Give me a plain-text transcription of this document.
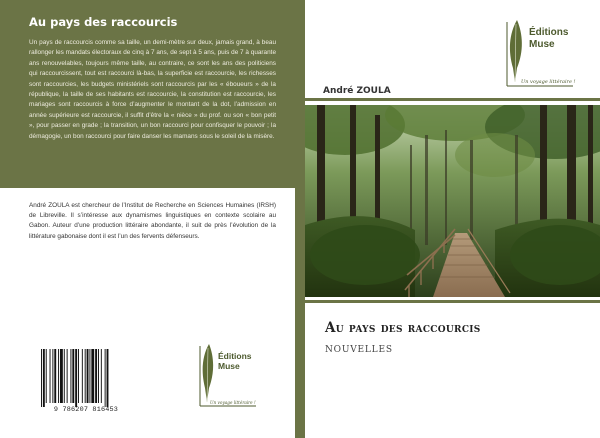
Au pays des raccourcis

Un pays de raccourcis comme sa taille, un demi-mètre sur deux, jamais grand, à beau rallonger les mandats électoraux de cinq à 7 ans, de sept à 5 ans, puis de 7 à quarante ans renouvelables, toujours même taille, au contraire, ce sont les ans des politiciens qui raccourcissent, tout est raccourci là-bas, la superficie est raccourcie, les richesses sont raccourcies, les budgets ministériels sont raccourcis par les « éboueurs » de la république, la taille de ses habitants est raccourcie, la constitution est raccourcie, les mariages sont raccourcis à force d’augmenter le montant de la dot, l’admission en année supérieure est raccourcie, il suffit d’être la « nièce » du prof. ou son « bon petit », pour passer en grade ; la transition, un bon raccourci pour confisquer le pouvoir ; la démagogie, un bon raccourci pour faire danser les mamans sous le soleil de la misère.

André ZOULA est chercheur de l’Institut de Recherche en Sciences Humaines (IRSH) de Libreville. Il s’intéresse aux dynamismes linguistiques en contexte scolaire au Gabon. Auteur d’une production littéraire abondante, il suit de près l’évolution de la littérature gabonaise dont il est l’un des fervents défenseurs.

Éditions
Muse
Un voyage littéraire !
9 786207 816453
Éditions
Muse
Un voyage littéraire !
André ZOULA
Au pays des raccourcis
NOUVELLES
